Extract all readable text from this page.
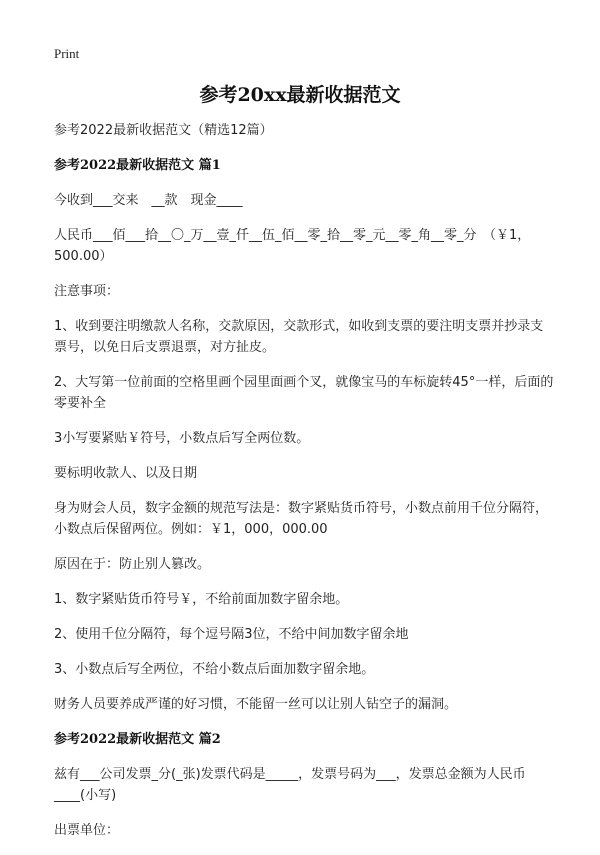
Print
参考20xx最新收据范文

参考2022最新收据范文（精选12篇）

参考2022最新收据范文 篇1

今收到___交来　__款　现金____

人民币___佰___拾__〇_万__壹_仟__伍_佰__零_拾__零_元__零_角__零_分　（￥1，500.00）

注意事项：

1、收到要注明缴款人名称，交款原因，交款形式，如收到支票的要注明支票并抄录支票号，以免日后支票退票，对方扯皮。

2、大写第一位前面的空格里画个园里面画个叉，就像宝马的车标旋转45°一样，后面的零要补全

3小写要紧贴￥符号，小数点后写全两位数。

要标明收款人、以及日期

身为财会人员，数字金额的规范写法是：数字紧贴货币符号，小数点前用千位分隔符，小数点后保留两位。例如：￥1，000，000.00

原因在于：防止别人篡改。

1、数字紧贴货币符号￥，不给前面加数字留余地。

2、使用千位分隔符，每个逗号隔3位，不给中间加数字留余地

3、小数点后写全两位，不给小数点后面加数字留余地。

财务人员要养成严谨的好习惯，不能留一丝可以让别人钻空子的漏洞。

参考2022最新收据范文 篇2

兹有___公司发票_分(_张)发票代码是_____，发票号码为___，发票总金额为人民币____(小写)

出票单位：
